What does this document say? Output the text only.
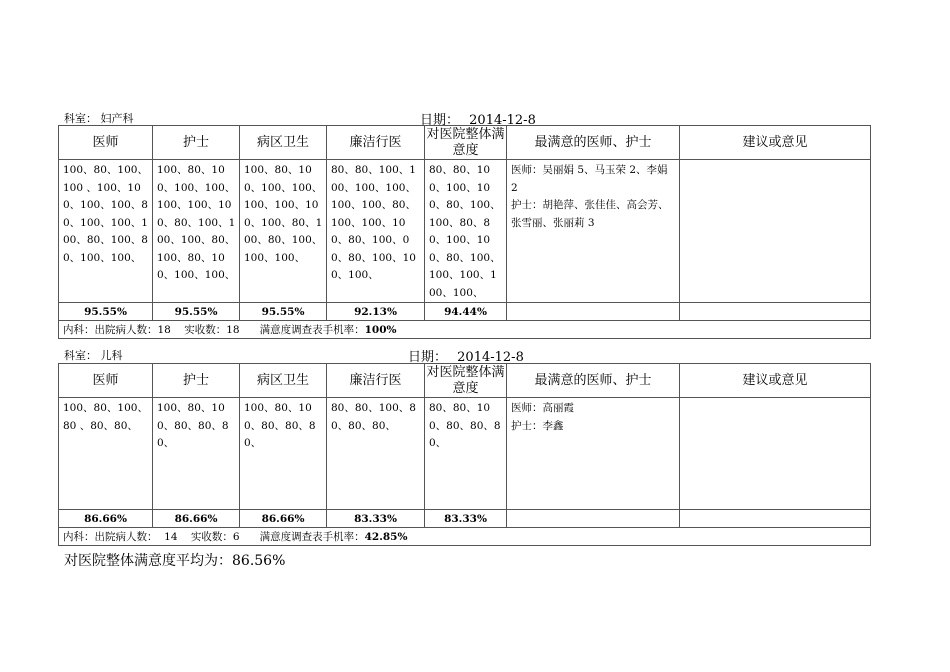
科室： 妇产科	日期： 2014-12-8
医师	护士	病区卫生	廉洁行医	对医院整体满意度	最满意的医师、护士	建议或意见
100、80、100、100 、100、100、100、100、80、100、100、100、80、100、80、100、100、	100、80、100、100、100、100、100、100、80、100、100、100、80、100、80、100、100、100、	100、80、100、100、100、100、100、100、100、80、100、80、100、100、100、	80、80、100、100、100、100、100、100、80、100、100、100、80、100、00、80、100、100、100、	80、80、100、100、100、80、100、100、80、80、100、100、80、100、100、100、100、100、	医师：吴丽娟 5、马玉荣 2、李娟 2
护士：胡艳萍、张佳佳、高会芳、张雪丽、张丽莉 3	

95.55%	95.55%	95.55%	92.13%	94.44%		
内科：出院病人数：18    实收数：18      满意度调查表手机率：100%						
科室： 儿科	日期： 2014-12-8
医师	护士	病区卫生	廉洁行医	对医院整体满意度	最满意的医师、护士	建议或意见
100、80、100、80 、80、80、	100、80、100、80、80、80、	100、80、100、80、80、80、	80、80、100、80、80、80、	80、80、100、80、80、80、	医师：高丽霞
护士：李鑫	

86.66%	86.66%	86.66%	83.33%	83.33%		
内科：出院病人数：  14    实收数：6      满意度调查表手机率：42.85%						
对医院整体满意度平均为：86.56%
